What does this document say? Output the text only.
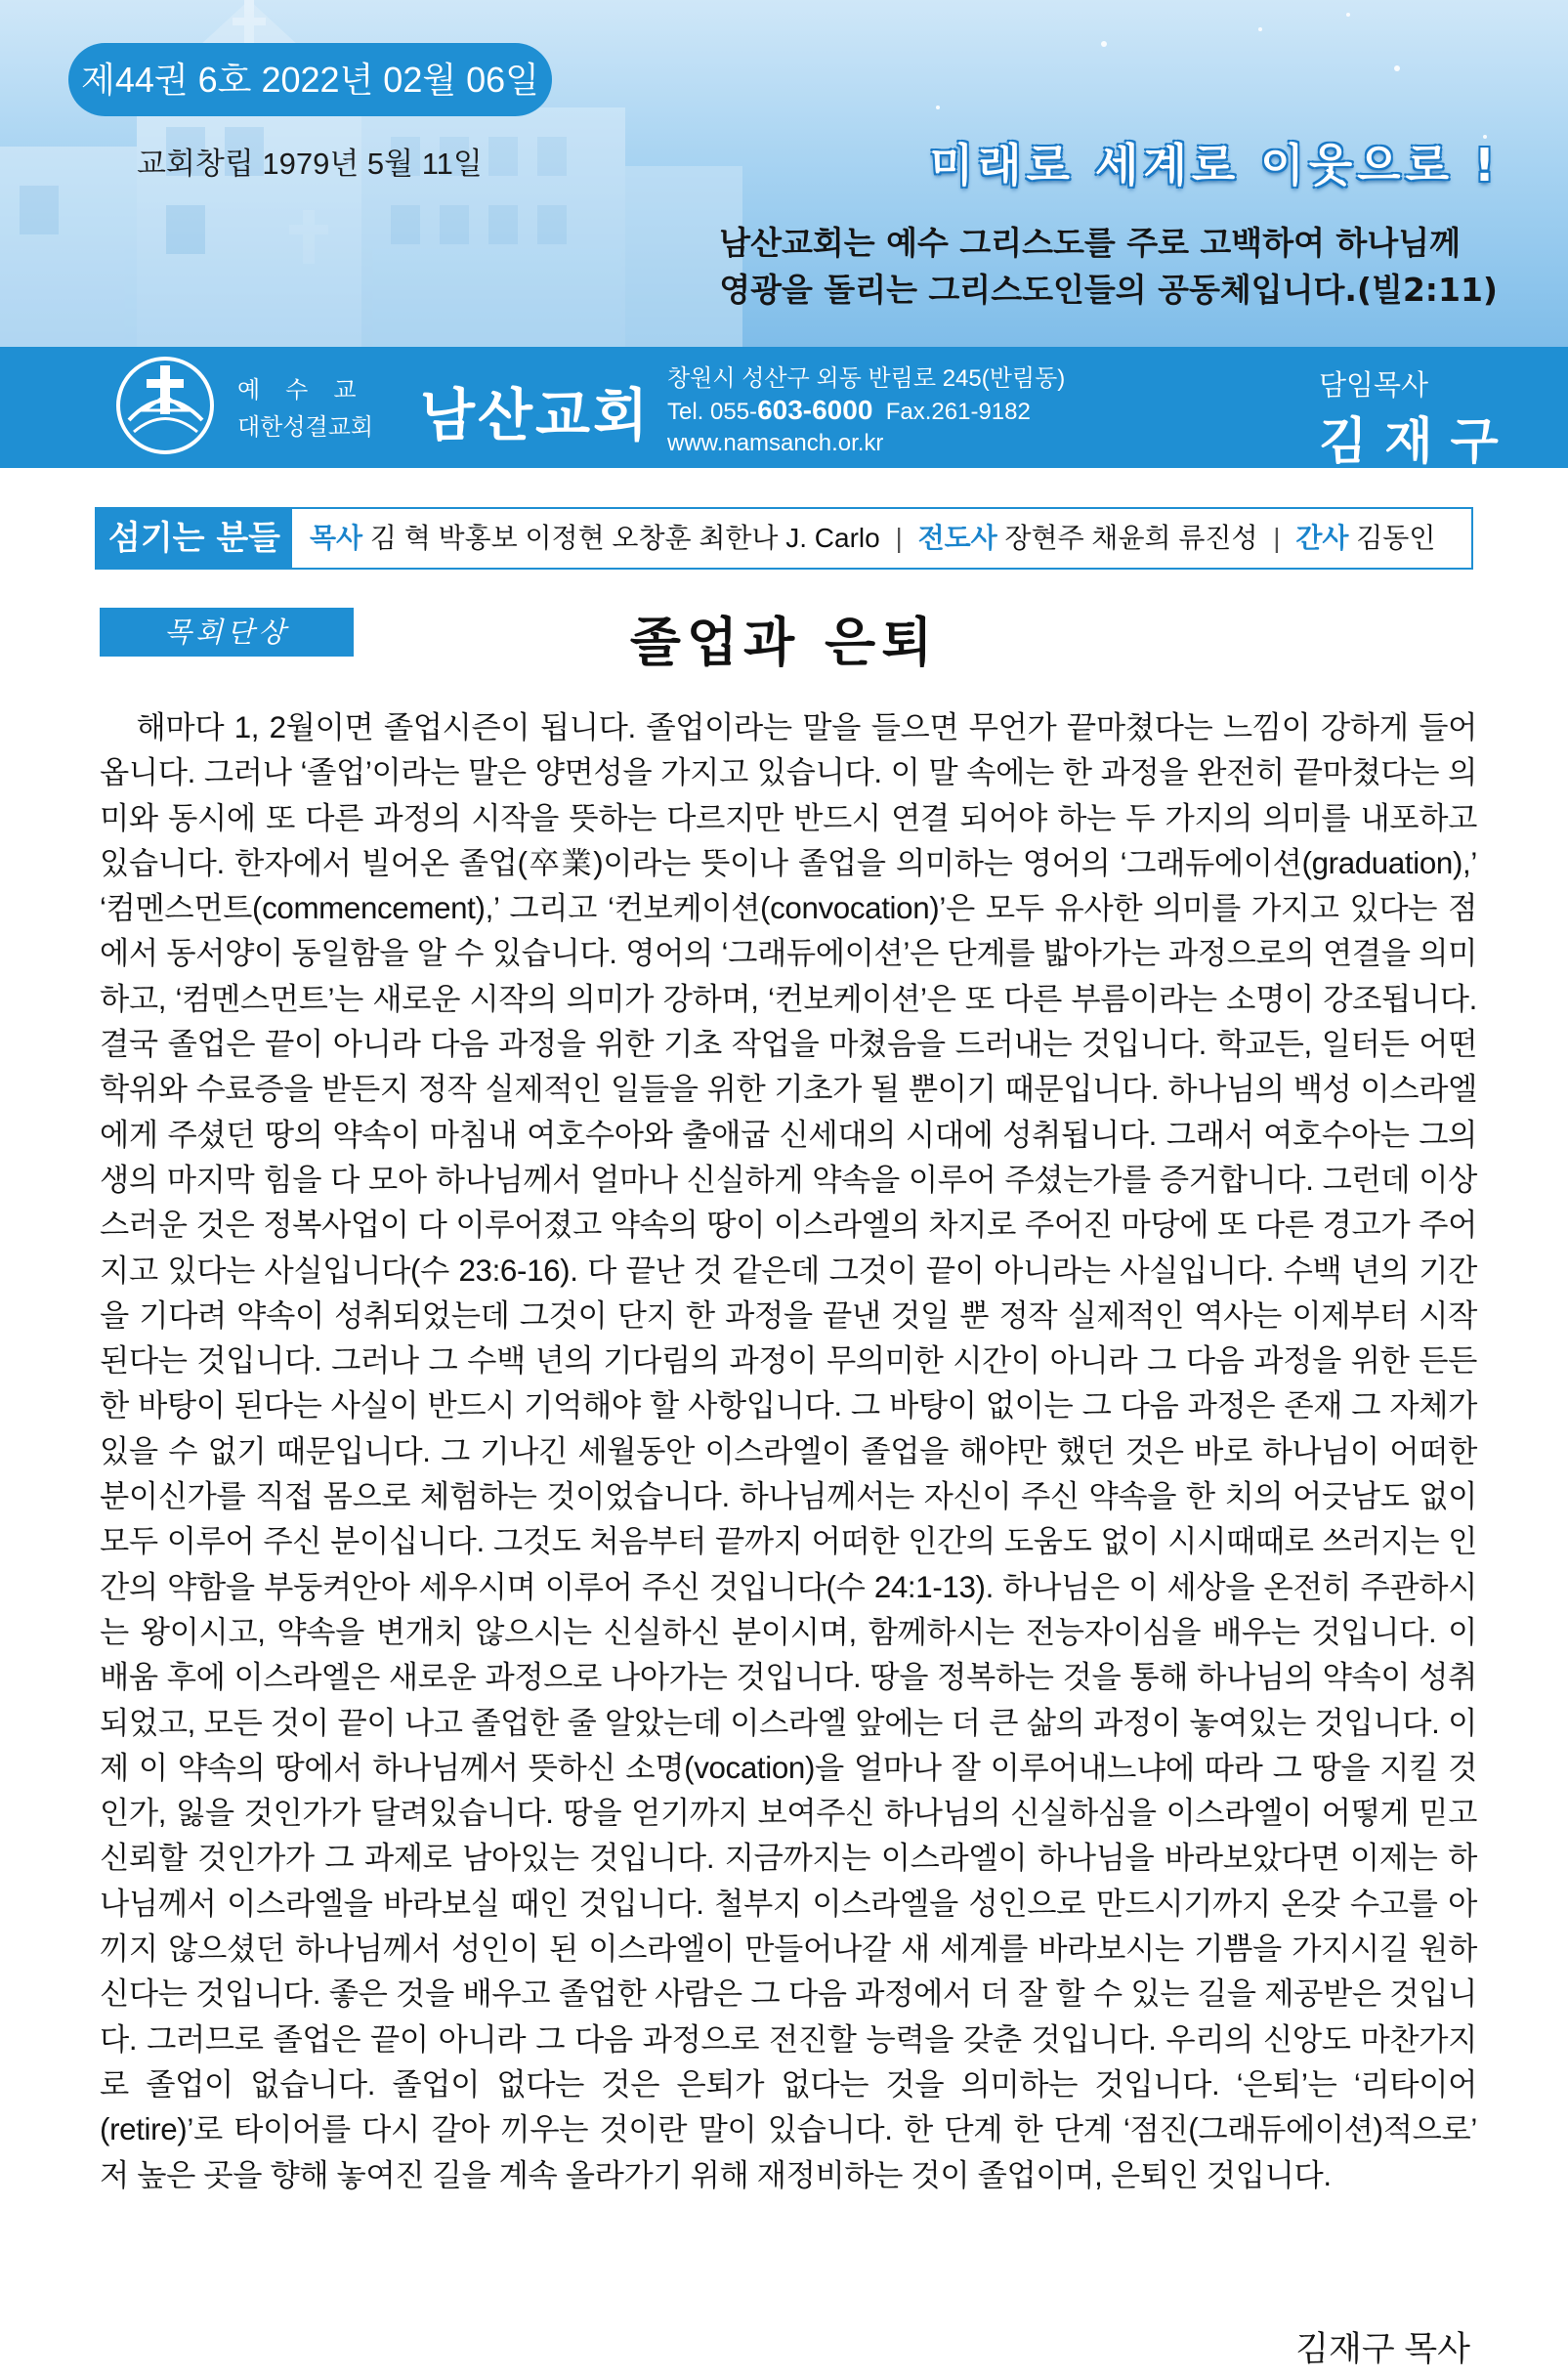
제44권 6호 2022년 02월 06일
교회창립 1979년 5월 11일	미래로 세계로 이웃으로 !
남산교회는 예수 그리스도를 주로 고백하여 하나님께
영광을 돌리는 그리스도인들의 공동체입니다.(빌2:11)
예수교
대한성결교회 남산교회
창원시 성산구 외동 반림로 245(반림동)
Tel. 055-603-6000 Fax.261-9182
www.namsanch.or.kr
담임목사
김재구
섬기는 분들	목사 김 혁 박홍보 이정현 오창훈 최한나 J. Carlo | 전도사 장현주 채윤희 류진성 | 간사 김동인
목회단상	졸업과 은퇴

해마다 1, 2월이면 졸업시즌이 됩니다. 졸업이라는 말을 들으면 무언가 끝마쳤다는 느낌이 강하게 들어옵니다. 그러나 ‘졸업’이라는 말은 양면성을 가지고 있습니다. 이 말 속에는 한 과정을 완전히 끝마쳤다는 의미와 동시에 또 다른 과정의 시작을 뜻하는 다르지만 반드시 연결 되어야 하는 두 가지의 의미를 내포하고 있습니다. 한자에서 빌어온 졸업(卒業)이라는 뜻이나 졸업을 의미하는 영어의 ‘그래듀에이션(graduation),’ ‘컴멘스먼트(commencement),’ 그리고 ‘컨보케이션(convocation)’은 모두 유사한 의미를 가지고 있다는 점에서 동서양이 동일함을 알 수 있습니다. 영어의 ‘그래듀에이션’은 단계를 밟아가는 과정으로의 연결을 의미하고, ‘컴멘스먼트’는 새로운 시작의 의미가 강하며, ‘컨보케이션’은 또 다른 부름이라는 소명이 강조됩니다. 결국 졸업은 끝이 아니라 다음 과정을 위한 기초 작업을 마쳤음을 드러내는 것입니다. 학교든, 일터든 어떤 학위와 수료증을 받든지 정작 실제적인 일들을 위한 기초가 될 뿐이기 때문입니다. 하나님의 백성 이스라엘에게 주셨던 땅의 약속이 마침내 여호수아와 출애굽 신세대의 시대에 성취됩니다. 그래서 여호수아는 그의 생의 마지막 힘을 다 모아 하나님께서 얼마나 신실하게 약속을 이루어 주셨는가를 증거합니다. 그런데 이상스러운 것은 정복사업이 다 이루어졌고 약속의 땅이 이스라엘의 차지로 주어진 마당에 또 다른 경고가 주어지고 있다는 사실입니다(수 23:6-16). 다 끝난 것 같은데 그것이 끝이 아니라는 사실입니다. 수백 년의 기간을 기다려 약속이 성취되었는데 그것이 단지 한 과정을 끝낸 것일 뿐 정작 실제적인 역사는 이제부터 시작된다는 것입니다. 그러나 그 수백 년의 기다림의 과정이 무의미한 시간이 아니라 그 다음 과정을 위한 든든한 바탕이 된다는 사실이 반드시 기억해야 할 사항입니다. 그 바탕이 없이는 그 다음 과정은 존재 그 자체가 있을 수 없기 때문입니다. 그 기나긴 세월동안 이스라엘이 졸업을 해야만 했던 것은 바로 하나님이 어떠한 분이신가를 직접 몸으로 체험하는 것이었습니다. 하나님께서는 자신이 주신 약속을 한 치의 어긋남도 없이 모두 이루어 주신 분이십니다. 그것도 처음부터 끝까지 어떠한 인간의 도움도 없이 시시때때로 쓰러지는 인간의 약함을 부둥켜안아 세우시며 이루어 주신 것입니다(수 24:1-13). 하나님은 이 세상을 온전히 주관하시는 왕이시고, 약속을 변개치 않으시는 신실하신 분이시며, 함께하시는 전능자이심을 배우는 것입니다. 이 배움 후에 이스라엘은 새로운 과정으로 나아가는 것입니다. 땅을 정복하는 것을 통해 하나님의 약속이 성취되었고, 모든 것이 끝이 나고 졸업한 줄 알았는데 이스라엘 앞에는 더 큰 삶의 과정이 놓여있는 것입니다. 이제 이 약속의 땅에서 하나님께서 뜻하신 소명(vocation)을 얼마나 잘 이루어내느냐에 따라 그 땅을 지킬 것인가, 잃을 것인가가 달려있습니다. 땅을 얻기까지 보여주신 하나님의 신실하심을 이스라엘이 어떻게 믿고 신뢰할 것인가가 그 과제로 남아있는 것입니다. 지금까지는 이스라엘이 하나님을 바라보았다면 이제는 하나님께서 이스라엘을 바라보실 때인 것입니다. 철부지 이스라엘을 성인으로 만드시기까지 온갖 수고를 아끼지 않으셨던 하나님께서 성인이 된 이스라엘이 만들어나갈 새 세계를 바라보시는 기쁨을 가지시길 원하신다는 것입니다. 좋은 것을 배우고 졸업한 사람은 그 다음 과정에서 더 잘 할 수 있는 길을 제공받은 것입니다. 그러므로 졸업은 끝이 아니라 그 다음 과정으로 전진할 능력을 갖춘 것입니다. 우리의 신앙도 마찬가지로 졸업이 없습니다. 졸업이 없다는 것은 은퇴가 없다는 것을 의미하는 것입니다. ‘은퇴’는 ‘리타이어(retire)’로 타이어를 다시 갈아 끼우는 것이란 말이 있습니다. 한 단계 한 단계 ‘점진(그래듀에이션)적으로’ 저 높은 곳을 향해 놓여진 길을 계속 올라가기 위해 재정비하는 것이 졸업이며, 은퇴인 것입니다.

김재구 목사
